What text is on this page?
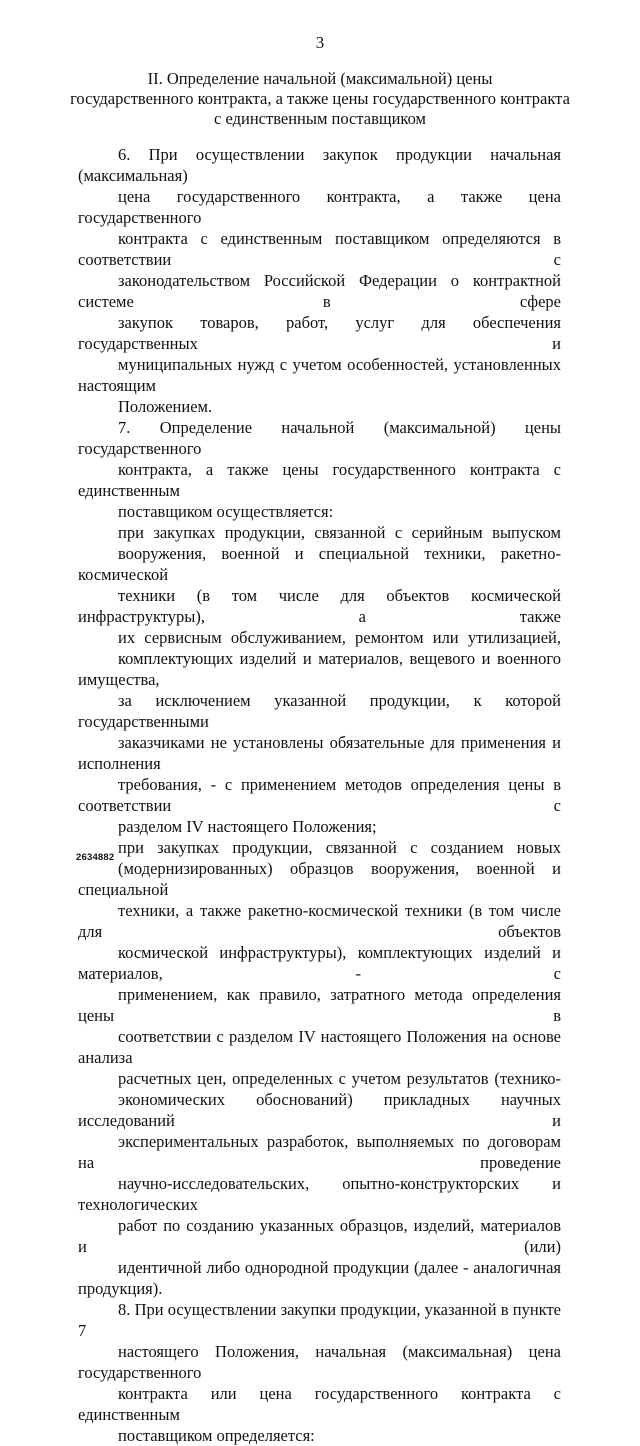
3
II. Определение начальной (максимальной) цены
государственного контракта, а также цены государственного контракта
с единственным поставщиком

6. При осуществлении закупок продукции начальная (максимальная)
цена государственного контракта, а также цена государственного
контракта с единственным поставщиком определяются в соответствии с
законодательством Российской Федерации о контрактной системе в сфере
закупок товаров, работ, услуг для обеспечения государственных и
муниципальных нужд с учетом особенностей, установленных настоящим
Положением.

7. Определение начальной (максимальной) цены государственного
контракта, а также цены государственного контракта с единственным
поставщиком осуществляется:

при закупках продукции, связанной с серийным выпуском
вооружения, военной и специальной техники, ракетно-космической
техники (в том числе для объектов космической инфраструктуры), а также
их сервисным обслуживанием, ремонтом или утилизацией,
комплектующих изделий и материалов, вещевого и военного имущества,
за исключением указанной продукции, к которой государственными
заказчиками не установлены обязательные для применения и исполнения
требования, - с применением методов определения цены в соответствии с
разделом IV настоящего Положения;

при закупках продукции, связанной с созданием новых
(модернизированных) образцов вооружения, военной и специальной
техники, а также ракетно-космической техники (в том числе для объектов
космической инфраструктуры), комплектующих изделий и материалов, - с
применением, как правило, затратного метода определения цены в
соответствии с разделом IV настоящего Положения на основе анализа
расчетных цен, определенных с учетом результатов (технико-
экономических обоснований) прикладных научных исследований и
экспериментальных разработок, выполняемых по договорам на проведение
научно-исследовательских, опытно-конструкторских и технологических
работ по созданию указанных образцов, изделий, материалов и (или)
идентичной либо однородной продукции (далее - аналогичная продукция).

8. При осуществлении закупки продукции, указанной в пункте 7
настоящего Положения, начальная (максимальная) цена государственного
контракта или цена государственного контракта с единственным
поставщиком определяется:

2634882
